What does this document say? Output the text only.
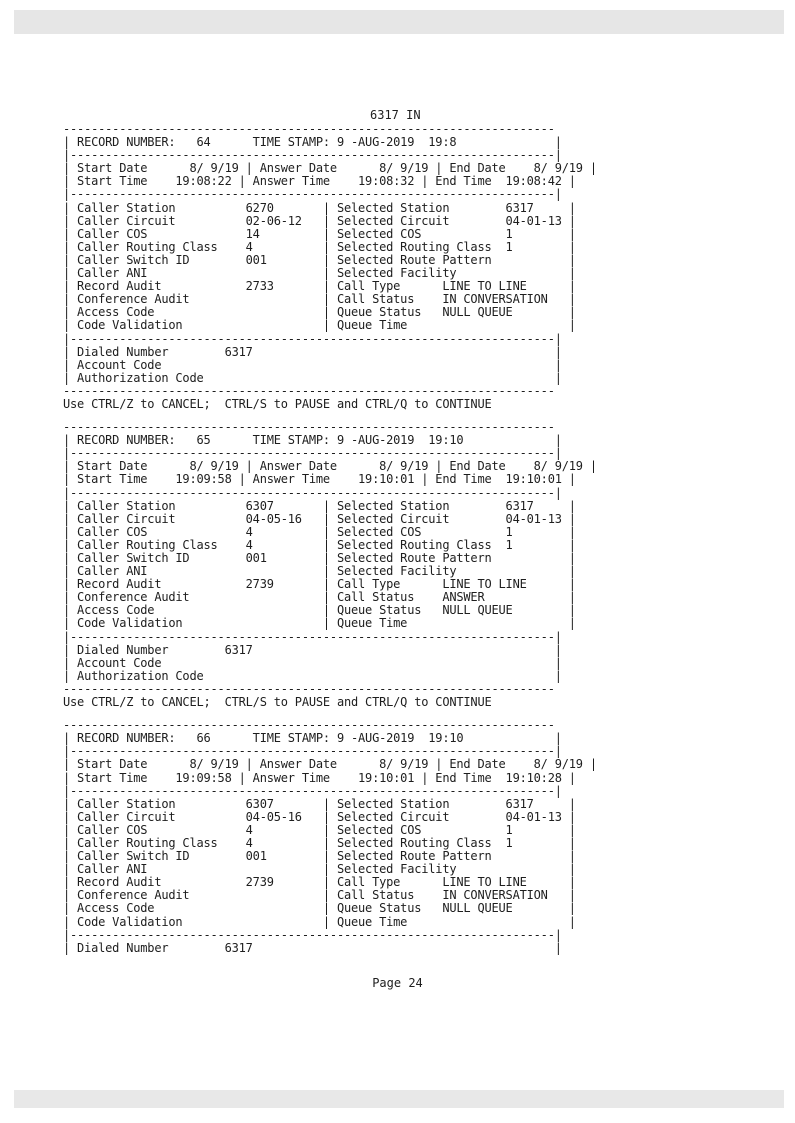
6317 IN
----------------------------------------------------------------------
| RECORD NUMBER:   64      TIME STAMP: 9 -AUG-2019  19:8              |
|---------------------------------------------------------------------|
| Start Date      8/ 9/19 | Answer Date      8/ 9/19 | End Date    8/ 9/19 |
| Start Time    19:08:22 | Answer Time    19:08:32 | End Time  19:08:42 |
|---------------------------------------------------------------------|
| Caller Station          6270       | Selected Station        6317     |
| Caller Circuit          02-06-12   | Selected Circuit        04-01-13 |
| Caller COS              14         | Selected COS            1        |
| Caller Routing Class    4          | Selected Routing Class  1        |
| Caller Switch ID        001        | Selected Route Pattern           |
| Caller ANI                         | Selected Facility                |
| Record Audit            2733       | Call Type      LINE TO LINE      |
| Conference Audit                   | Call Status    IN CONVERSATION   |
| Access Code                        | Queue Status   NULL QUEUE        |
| Code Validation                    | Queue Time                       |
|---------------------------------------------------------------------|
| Dialed Number        6317                                           |
| Account Code                                                        |
| Authorization Code                                                  |
----------------------------------------------------------------------
Use CTRL/Z to CANCEL;  CTRL/S to PAUSE and CTRL/Q to CONTINUE
----------------------------------------------------------------------
| RECORD NUMBER:   65      TIME STAMP: 9 -AUG-2019  19:10             |
|---------------------------------------------------------------------|
| Start Date      8/ 9/19 | Answer Date      8/ 9/19 | End Date    8/ 9/19 |
| Start Time    19:09:58 | Answer Time    19:10:01 | End Time  19:10:01 |
|---------------------------------------------------------------------|
| Caller Station          6307       | Selected Station        6317     |
| Caller Circuit          04-05-16   | Selected Circuit        04-01-13 |
| Caller COS              4          | Selected COS            1        |
| Caller Routing Class    4          | Selected Routing Class  1        |
| Caller Switch ID        001        | Selected Route Pattern           |
| Caller ANI                         | Selected Facility                |
| Record Audit            2739       | Call Type      LINE TO LINE      |
| Conference Audit                   | Call Status    ANSWER            |
| Access Code                        | Queue Status   NULL QUEUE        |
| Code Validation                    | Queue Time                       |
|---------------------------------------------------------------------|
| Dialed Number        6317                                           |
| Account Code                                                        |
| Authorization Code                                                  |
----------------------------------------------------------------------
Use CTRL/Z to CANCEL;  CTRL/S to PAUSE and CTRL/Q to CONTINUE
----------------------------------------------------------------------
| RECORD NUMBER:   66      TIME STAMP: 9 -AUG-2019  19:10             |
|---------------------------------------------------------------------|
| Start Date      8/ 9/19 | Answer Date      8/ 9/19 | End Date    8/ 9/19 |
| Start Time    19:09:58 | Answer Time    19:10:01 | End Time  19:10:28 |
|---------------------------------------------------------------------|
| Caller Station          6307       | Selected Station        6317     |
| Caller Circuit          04-05-16   | Selected Circuit        04-01-13 |
| Caller COS              4          | Selected COS            1        |
| Caller Routing Class    4          | Selected Routing Class  1        |
| Caller Switch ID        001        | Selected Route Pattern           |
| Caller ANI                         | Selected Facility                |
| Record Audit            2739       | Call Type      LINE TO LINE      |
| Conference Audit                   | Call Status    IN CONVERSATION   |
| Access Code                        | Queue Status   NULL QUEUE        |
| Code Validation                    | Queue Time                       |
|---------------------------------------------------------------------|
| Dialed Number        6317                                           |
Page 24
